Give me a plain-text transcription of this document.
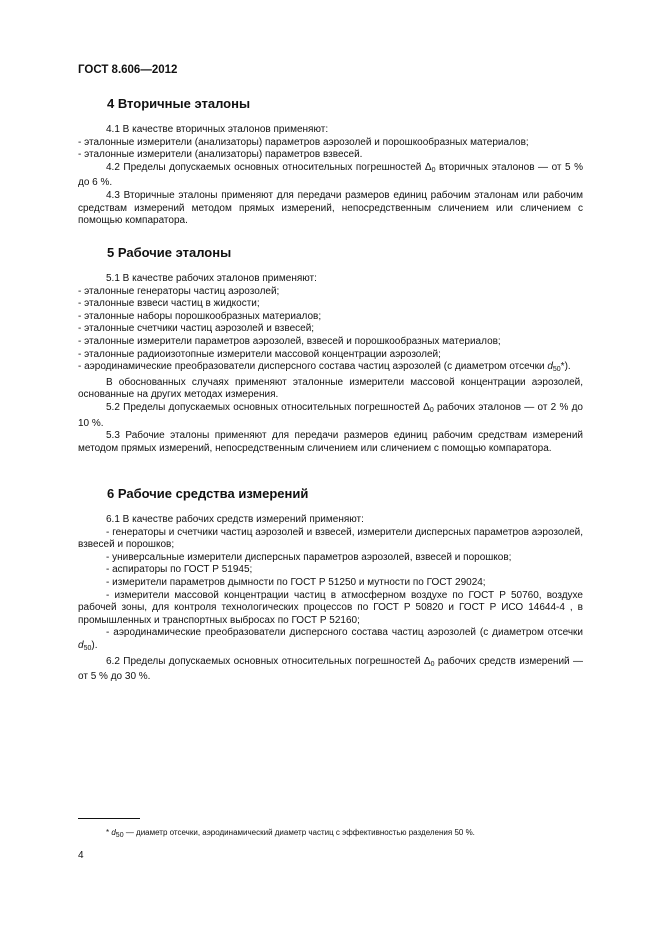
ГОСТ 8.606—2012
4 Вторичные эталоны
4.1 В качестве вторичных эталонов применяют:
- эталонные измерители (анализаторы) параметров аэрозолей и порошкообразных материалов;
- эталонные измерители (анализаторы) параметров взвесей.
4.2 Пределы допускаемых основных относительных погрешностей $\Delta_0$ вторичных эталонов — от 5 % до 6 %.
4.3 Вторичные эталоны применяют для передачи размеров единиц рабочим эталонам или рабочим средствам измерений методом прямых измерений, непосредственным сличением или сличением с помощью компаратора.
5 Рабочие эталоны
5.1 В качестве рабочих эталонов применяют:
- эталонные генераторы частиц аэрозолей;
- эталонные взвеси частиц в жидкости;
- эталонные наборы порошкообразных материалов;
- эталонные счетчики частиц аэрозолей и взвесей;
- эталонные измерители параметров аэрозолей, взвесей и порошкообразных материалов;
- эталонные радиоизотопные измерители массовой концентрации аэрозолей;
- аэродинамические преобразователи дисперсного состава частиц аэрозолей (с диаметром отсечки $d_{50}*$).
В обоснованных случаях применяют эталонные измерители массовой концентрации аэрозолей, основанные на других методах измерения.
5.2 Пределы допускаемых основных относительных погрешностей $\Delta_0$ рабочих эталонов — от 2 % до 10 %.
5.3 Рабочие эталоны применяют для передачи размеров единиц рабочим средствам измерений методом прямых измерений, непосредственным сличением или сличением с помощью компаратора.
6 Рабочие средства измерений
6.1 В качестве рабочих средств измерений применяют:
- генераторы и счетчики частиц аэрозолей и взвесей, измерители дисперсных параметров аэрозолей, взвесей и порошков;
- универсальные измерители дисперсных параметров аэрозолей, взвесей и порошков;
- аспираторы по ГОСТ Р 51945;
- измерители параметров дымности по ГОСТ Р 51250 и мутности по ГОСТ 29024;
- измерители массовой концентрации частиц в атмосферном воздухе по ГОСТ Р 50760, воздухе рабочей зоны, для контроля технологических процессов по ГОСТ Р 50820 и ГОСТ Р ИСО 14644-4 , в промышленных и транспортных выбросах по ГОСТ Р 52160;
- аэродинамические преобразователи дисперсного состава частиц аэрозолей (с диаметром отсечки $d_{50}$).
6.2 Пределы допускаемых основных относительных погрешностей $\Delta_0$ рабочих средств измерений — от 5 % до 30 %.
* $d_{50}$ — диаметр отсечки, аэродинамический диаметр частиц с эффективностью разделения 50 %.
4
